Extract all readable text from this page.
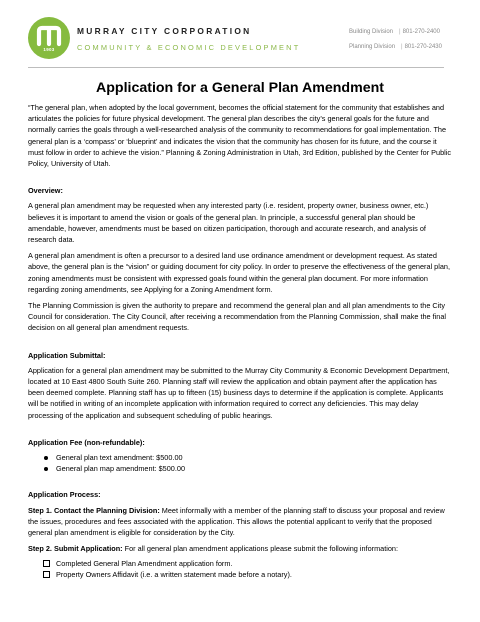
1903
MURRAY CITY CORPORATION
COMMUNITY & ECONOMIC DEVELOPMENT
Building Division | 801-270-2400
Planning Division | 801-270-2430
Application for a General Plan Amendment

“The general plan, when adopted by the local government, becomes the official statement for the community that establishes and articulates the policies for future physical development. The general plan describes the city’s general goals for the future and normally carries the goals through a well-researched analysis of the community to recommendations for goal implementation. The general plan is a ‘compass’ or ‘blueprint’ and indicates the vision that the community has chosen for its future, and the course it must follow in order to achieve the vision.” Planning & Zoning Administration in Utah, 3rd Edition, published by the Center for Public Policy, University of Utah.

Overview:

A general plan amendment may be requested when any interested party (i.e. resident, property owner, business owner, etc.) believes it is important to amend the vision or goals of the general plan. In principle, a successful general plan should be amendable, however, amendments must be based on citizen participation, thorough and accurate research, and analysis of research data.

A general plan amendment is often a precursor to a desired land use ordinance amendment or development request. As stated above, the general plan is the “vision” or guiding document for city policy. In order to preserve the effectiveness of the general plan, zoning amendments must be consistent with expressed goals found within the general plan document. For more information regarding zoning amendments, see Applying for a Zoning Amendment form.

The Planning Commission is given the authority to prepare and recommend the general plan and all plan amendments to the City Council for consideration. The City Council, after receiving a recommendation from the Planning Commission, shall make the final decision on all general plan amendment requests.

Application Submittal:

Application for a general plan amendment may be submitted to the Murray City Community & Economic Development Department, located at 10 East 4800 South Suite 260. Planning staff will review the application and obtain payment after the application has been deemed complete. Planning staff has up to fifteen (15) business days to determine if the application is complete. Applicants will be notified in writing of an incomplete application with information required to correct any deficiencies. This may delay processing of the application and subsequent scheduling of public hearings.

Application Fee (non-refundable):

General plan text amendment: $500.00
General plan map amendment: $500.00

Application Process:

Step 1. Contact the Planning Division: Meet informally with a member of the planning staff to discuss your proposal and review the issues, procedures and fees associated with the application. This allows the potential applicant to verify that the proposed general plan amendment is eligible for consideration by the City.

Step 2. Submit Application: For all general plan amendment applications please submit the following information:

Completed General Plan Amendment application form.
Property Owners Affidavit (i.e. a written statement made before a notary).
